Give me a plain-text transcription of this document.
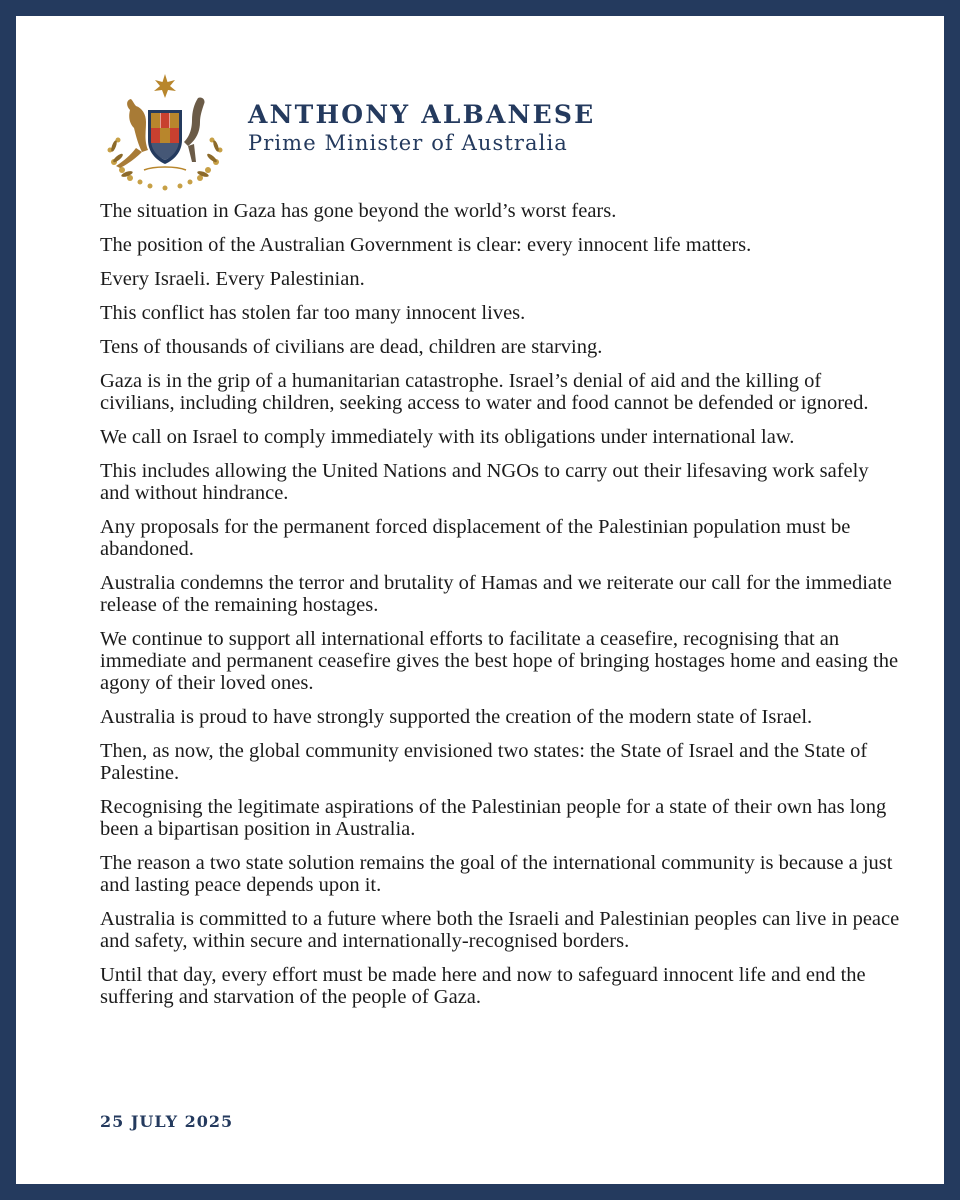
ANTHONY ALBANESE
Prime Minister of Australia

The situation in Gaza has gone beyond the world’s worst fears.

The position of the Australian Government is clear: every innocent life matters.

Every Israeli. Every Palestinian.

This conflict has stolen far too many innocent lives.

Tens of thousands of civilians are dead, children are starving.

Gaza is in the grip of a humanitarian catastrophe. Israel’s denial of aid and the killing of civilians, including children, seeking access to water and food cannot be defended or ignored.

We call on Israel to comply immediately with its obligations under international law.

This includes allowing the United Nations and NGOs to carry out their lifesaving work safely and without hindrance.

Any proposals for the permanent forced displacement of the Palestinian population must be abandoned.

Australia condemns the terror and brutality of Hamas and we reiterate our call for the immediate release of the remaining hostages.

We continue to support all international efforts to facilitate a ceasefire, recognising that an immediate and permanent ceasefire gives the best hope of bringing hostages home and easing the agony of their loved ones.

Australia is proud to have strongly supported the creation of the modern state of Israel.

Then, as now, the global community envisioned two states: the State of Israel and the State of Palestine.

Recognising the legitimate aspirations of the Palestinian people for a state of their own has long been a bipartisan position in Australia.

The reason a two state solution remains the goal of the international community is because a just and lasting peace depends upon it.

Australia is committed to a future where both the Israeli and Palestinian peoples can live in peace and safety, within secure and internationally-recognised borders.

Until that day, every effort must be made here and now to safeguard innocent life and end the suffering and starvation of the people of Gaza.

25 JULY 2025
